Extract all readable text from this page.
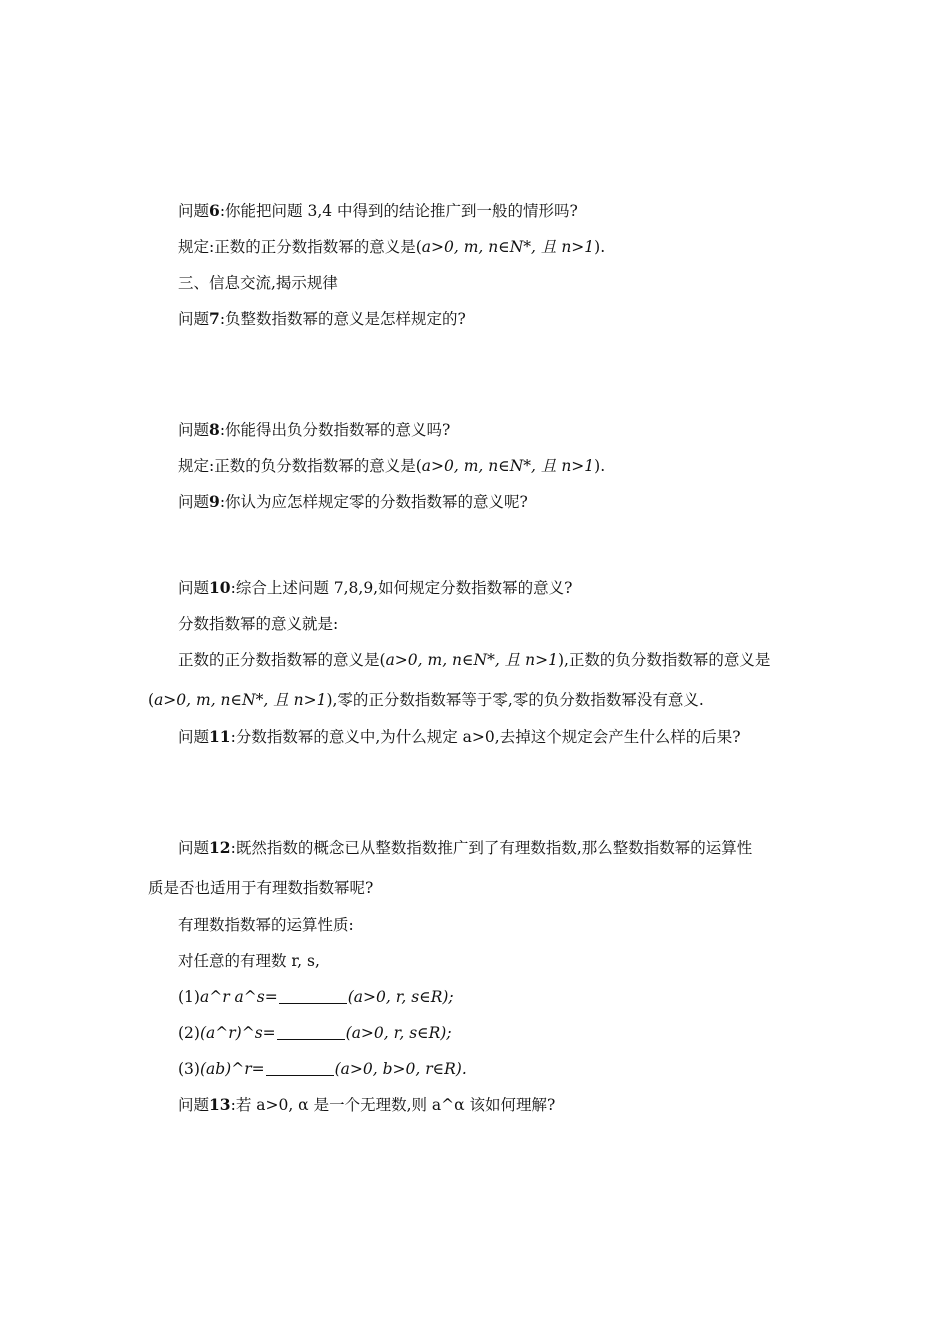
问题6:你能把问题 3,4 中得到的结论推广到一般的情形吗?
规定:正数的正分数指数幂的意义是(a>0, m, n∈N*, 且 n>1).
三、信息交流,揭示规律
问题7:负整数指数幂的意义是怎样规定的?
问题8:你能得出负分数指数幂的意义吗?
规定:正数的负分数指数幂的意义是(a>0, m, n∈N*, 且 n>1).
问题9:你认为应怎样规定零的分数指数幂的意义呢?
问题10:综合上述问题 7,8,9,如何规定分数指数幂的意义?
分数指数幂的意义就是:
正数的正分数指数幂的意义是(a>0, m, n∈N*, 且 n>1),正数的负分数指数幂的意义是
(a>0, m, n∈N*, 且 n>1),零的正分数指数幂等于零,零的负分数指数幂没有意义.
问题11:分数指数幂的意义中,为什么规定 a>0,去掉这个规定会产生什么样的后果?
问题12:既然指数的概念已从整数指数推广到了有理数指数,那么整数指数幂的运算性
质是否也适用于有理数指数幂呢?
有理数指数幂的运算性质:
对任意的有理数 r, s,
(1)a^r a^s=	(a>0, r, s∈R);
(2)(a^r)^s=	(a>0, r, s∈R);
(3)(ab)^r=	(a>0, b>0, r∈R).
问题13:若 a>0, α 是一个无理数,则 a^α 该如何理解?
